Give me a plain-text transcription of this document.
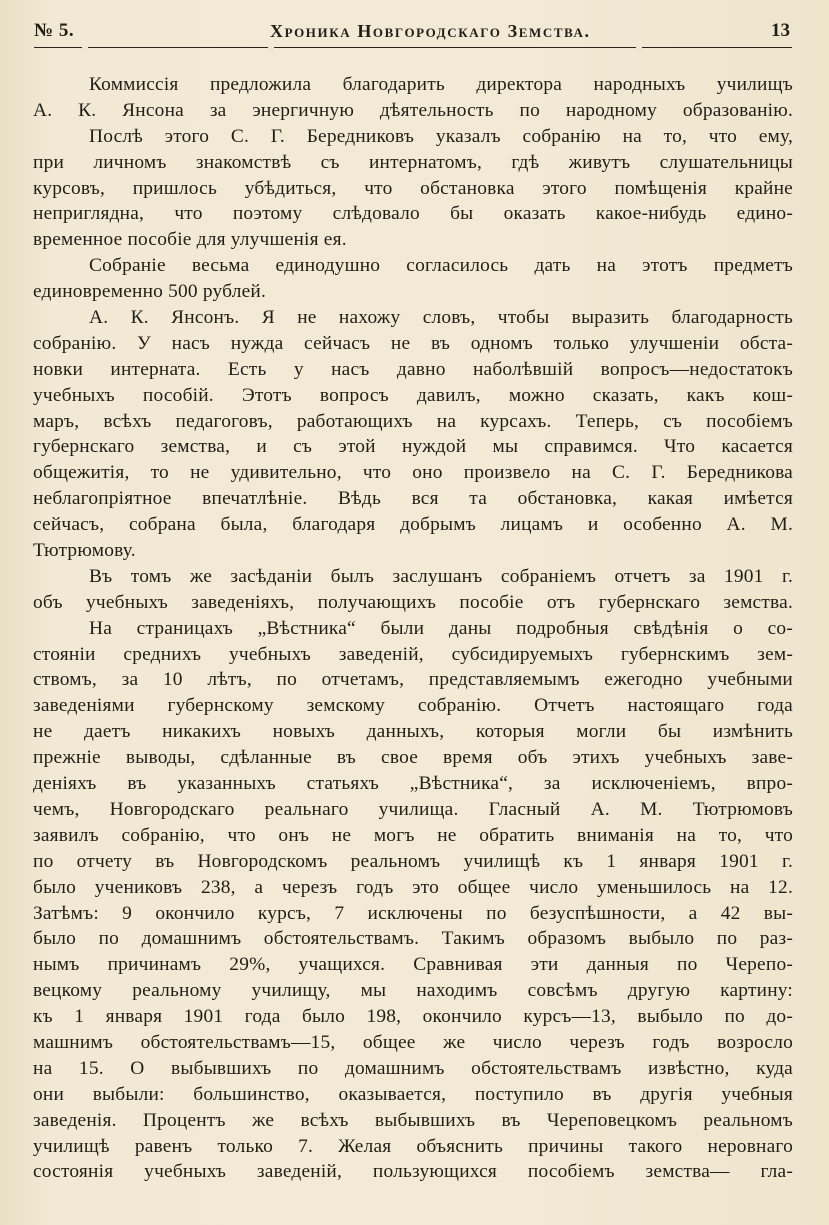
№ 5.	Хроника Новгородскаго Земства.	13
Коммиссія предложила благодарить директора народныхъ училищъ
А. К. Янсона за энергичную дѣятельность по народному образованію.
Послѣ этого С. Г. Бередниковъ указалъ собранію на то, что ему,
при личномъ знакомствѣ съ интернатомъ, гдѣ живутъ слушательницы
курсовъ, пришлось убѣдиться, что обстановка этого помѣщенія крайне
неприглядна, что поэтому слѣдовало бы оказать какое-нибудь едино-
временное пособіе для улучшенія ея.
Собраніе весьма единодушно согласилось дать на этотъ предметъ
единовременно 500 рублей.
А. К. Янсонъ. Я не нахожу словъ, чтобы выразить благодарность
собранію. У насъ нужда сейчасъ не въ одномъ только улучшеніи обста-
новки интерната. Есть у насъ давно наболѣвшій вопросъ—недостатокъ
учебныхъ пособій. Этотъ вопросъ давилъ, можно сказать, какъ кош-
маръ, всѣхъ педагоговъ, работающихъ на курсахъ. Теперь, съ пособіемъ
губернскаго земства, и съ этой нуждой мы справимся. Что касается
общежитія, то не удивительно, что оно произвело на С. Г. Бередникова
неблагопріятное впечатлѣніе. Вѣдь вся та обстановка, какая имѣется
сейчасъ, собрана была, благодаря добрымъ лицамъ и особенно А. М.
Тютрюмову.
Въ томъ же засѣданіи былъ заслушанъ собраніемъ отчетъ за 1901 г.
объ учебныхъ заведеніяхъ, получающихъ пособіе отъ губернскаго земства.
На страницахъ „Вѣстника“ были даны подробныя свѣдѣнія о со-
стояніи среднихъ учебныхъ заведеній, субсидируемыхъ губернскимъ зем-
ствомъ, за 10 лѣтъ, по отчетамъ, представляемымъ ежегодно учебными
заведеніями губернскому земскому собранію. Отчетъ настоящаго года
не даетъ никакихъ новыхъ данныхъ, которыя могли бы измѣнить
прежніе выводы, сдѣланные въ свое время объ этихъ учебныхъ заве-
деніяхъ въ указанныхъ статьяхъ „Вѣстника“, за исключеніемъ, впро-
чемъ, Новгородскаго реальнаго училища. Гласный А. М. Тютрюмовъ
заявилъ собранію, что онъ не могъ не обратить вниманія на то, что
по отчету въ Новгородскомъ реальномъ училищѣ къ 1 января 1901 г.
было учениковъ 238, а черезъ годъ это общее число уменьшилось на 12.
Затѣмъ: 9 окончило курсъ, 7 исключены по безуспѣшности, а 42 вы-
было по домашнимъ обстоятельствамъ. Такимъ образомъ выбыло по раз-
нымъ причинамъ 29%, учащихся. Сравнивая эти данныя по Черепо-
вецкому реальному училищу, мы находимъ совсѣмъ другую картину:
къ 1 января 1901 года было 198, окончило курсъ—13, выбыло по до-
машнимъ обстоятельствамъ—15, общее же число черезъ годъ возросло
на 15. О выбывшихъ по домашнимъ обстоятельствамъ извѣстно, куда
они выбыли: большинство, оказывается, поступило въ другія учебныя
заведенія. Процентъ же всѣхъ выбывшихъ въ Череповецкомъ реальномъ
училищѣ равенъ только 7. Желая объяснить причины такого неровнаго
состоянія учебныхъ заведеній, пользующихся пособіемъ земства— гла-
